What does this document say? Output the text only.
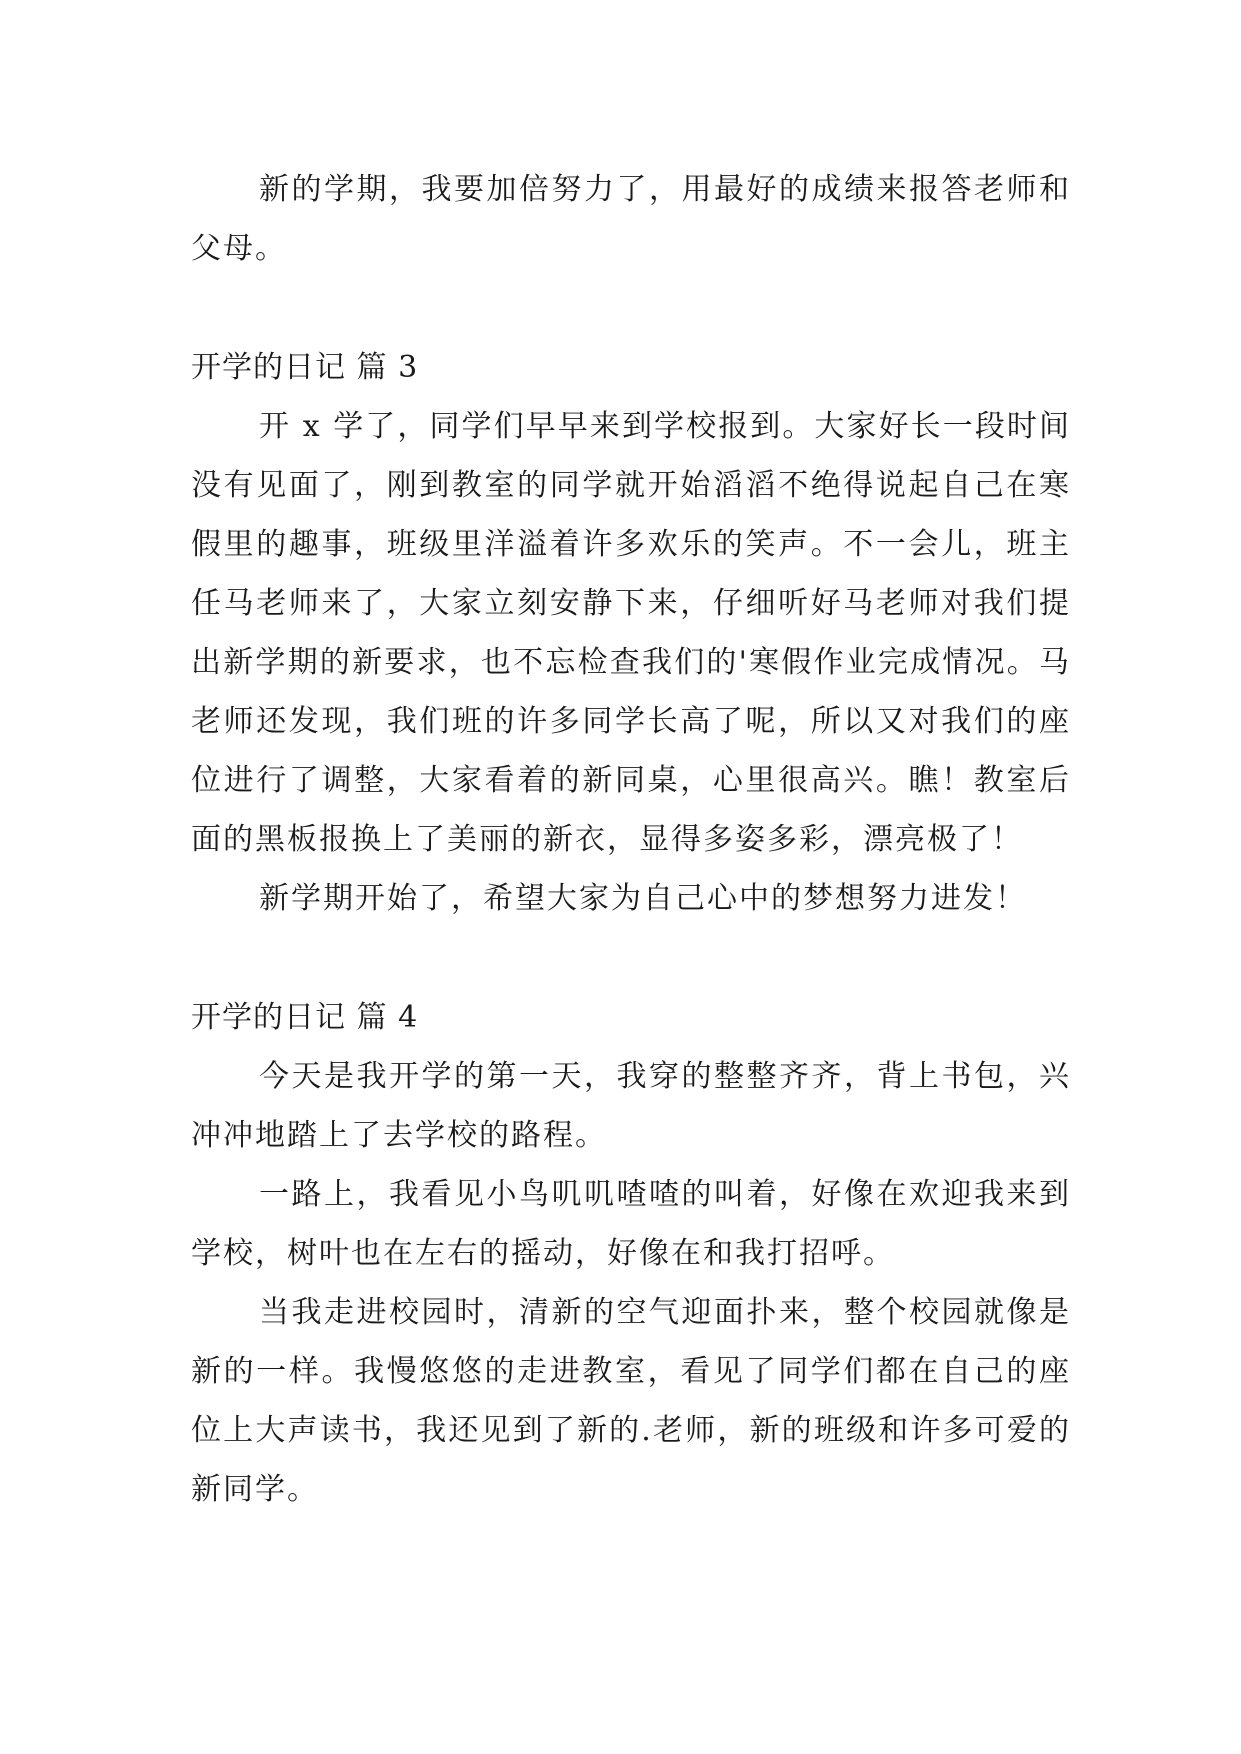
新的学期，我要加倍努力了，用最好的成绩来报答老师和父母。

开学的日记 篇 3

开 x 学了，同学们早早来到学校报到。大家好长一段时间没有见面了，刚到教室的同学就开始滔滔不绝得说起自己在寒假里的趣事，班级里洋溢着许多欢乐的笑声。不一会儿，班主任马老师来了，大家立刻安静下来，仔细听好马老师对我们提出新学期的新要求，也不忘检查我们的'寒假作业完成情况。马老师还发现，我们班的许多同学长高了呢，所以又对我们的座位进行了调整，大家看着的新同桌，心里很高兴。瞧！教室后面的黑板报换上了美丽的新衣，显得多姿多彩，漂亮极了！

新学期开始了，希望大家为自己心中的梦想努力进发！

开学的日记 篇 4

今天是我开学的第一天，我穿的整整齐齐，背上书包，兴冲冲地踏上了去学校的路程。

一路上，我看见小鸟叽叽喳喳的叫着，好像在欢迎我来到学校，树叶也在左右的摇动，好像在和我打招呼。

当我走进校园时，清新的空气迎面扑来，整个校园就像是新的一样。我慢悠悠的走进教室，看见了同学们都在自己的座位上大声读书，我还见到了新的.老师，新的班级和许多可爱的新同学。
